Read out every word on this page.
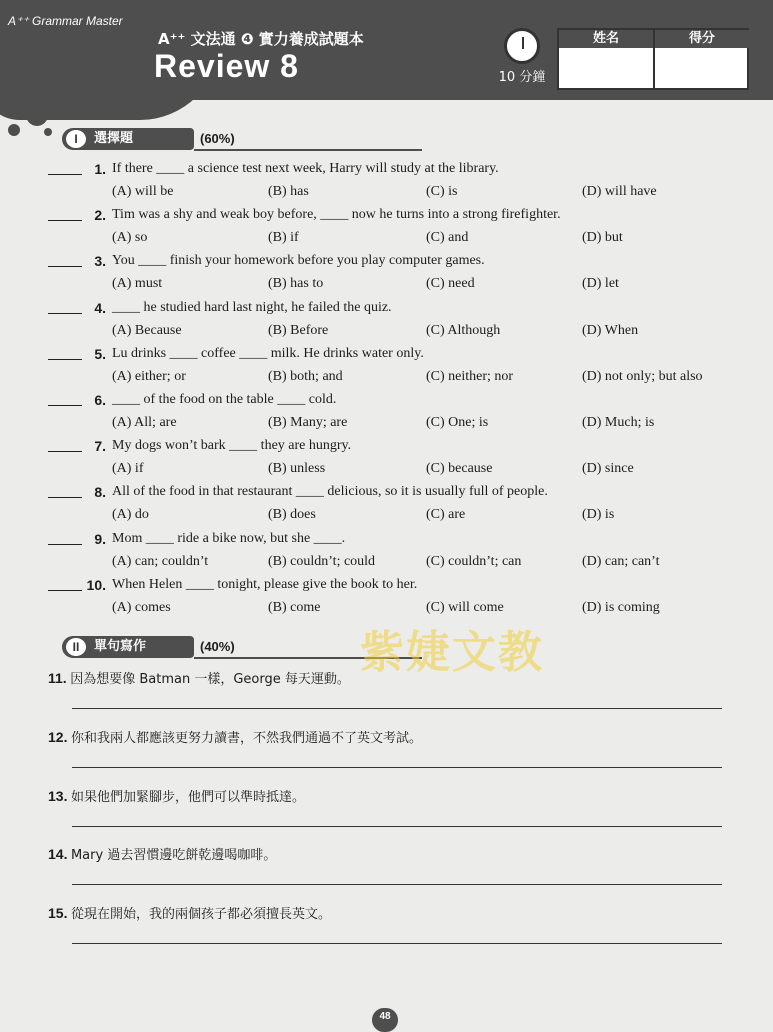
A⁺⁺ Grammar Master
A⁺⁺ 文法通 ❹ 實力養成試題本
Review 8	10 分鐘
姓名	得分
I	選擇題	(60%)
1. If there ____ a science test next week, Harry will study at the library.
(A) will be	(B) has	(C) is	(D) will have
2. Tim was a shy and weak boy before, ____ now he turns into a strong firefighter.
(A) so	(B) if	(C) and	(D) but
3. You ____ finish your homework before you play computer games.
(A) must	(B) has to	(C) need	(D) let
4. ____ he studied hard last night, he failed the quiz.
(A) Because	(B) Before	(C) Although	(D) When
5. Lu drinks ____ coffee ____ milk. He drinks water only.
(A) either; or	(B) both; and	(C) neither; nor	(D) not only; but also
6. ____ of the food on the table ____ cold.
(A) All; are	(B) Many; are	(C) One; is	(D) Much; is
7. My dogs won’t bark ____ they are hungry.
(A) if	(B) unless	(C) because	(D) since
8. All of the food in that restaurant ____ delicious, so it is usually full of people.
(A) do	(B) does	(C) are	(D) is
9. Mom ____ ride a bike now, but she ____.
(A) can; couldn’t	(B) couldn’t; could	(C) couldn’t; can	(D) can; can’t
10. When Helen ____ tonight, please give the book to her.
(A) comes	(B) come	(C) will come	(D) is coming
II	單句寫作	(40%)
11. 因為想要像 Batman 一樣，George 每天運動。
12. 你和我兩人都應該更努力讀書，不然我們通過不了英文考試。
13. 如果他們加緊腳步，他們可以準時抵達。
14. Mary 過去習慣邊吃餅乾邊喝咖啡。
15. 從現在開始，我的兩個孩子都必須擅長英文。
紫婕文教
48
